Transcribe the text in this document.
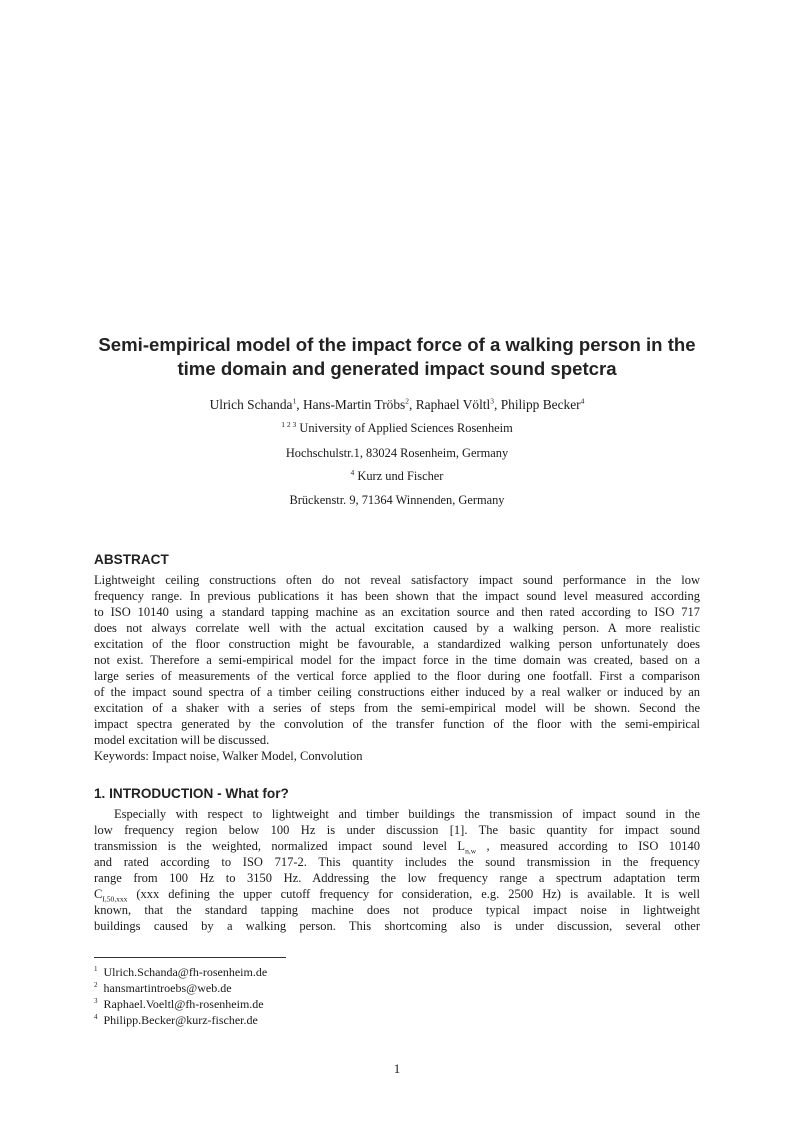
Semi-empirical model of the impact force of a walking person in the
time domain and generated impact sound spetcra
Ulrich Schanda$^1$, Hans-Martin Tröbs$^2$, Raphael Völtl$^3$, Philipp Becker$^4$
$^{1 2 3}$ University of Applied Sciences Rosenheim
Hochschulstr.1, 83024 Rosenheim, Germany
$^4$ Kurz und Fischer
Brückenstr. 9, 71364 Winnenden, Germany
ABSTRACT
Lightweight ceiling constructions often do not reveal satisfactory impact sound performance in the low
frequency range. In previous publications it has been shown that the impact sound level measured according
to ISO 10140 using a standard tapping machine as an excitation source and then rated according to ISO 717
does not always correlate well with the actual excitation caused by a walking person. A more realistic
excitation of the floor construction might be favourable, a standardized walking person unfortunately does
not exist. Therefore a semi-empirical model for the impact force in the time domain was created, based on a
large series of measurements of the vertical force applied to the floor during one footfall. First a comparison
of the impact sound spectra of a timber ceiling constructions either induced by a real walker or induced by an
excitation of a shaker with a series of steps from the semi-empirical model will be shown. Second the
impact spectra generated by the convolution of the transfer function of the floor with the semi-empirical
model excitation will be discussed.
Keywords: Impact noise, Walker Model, Convolution
1. INTRODUCTION - What for?
Especially with respect to lightweight and timber buildings the transmission of impact sound in the
low frequency region below 100 Hz is under discussion [1]. The basic quantity for impact sound
transmission is the weighted, normalized impact sound level $L_{n,w}$ , measured according to ISO 10140
and rated according to ISO 717-2. This quantity includes the sound transmission in the frequency
range from 100 Hz to 3150 Hz. Addressing the low frequency range a spectrum adaptation term
$C_{I,50,xxx}$ (xxx defining the upper cutoff frequency for consideration, e.g. 2500 Hz) is available. It is well
known, that the standard tapping machine does not produce typical impact noise in lightweight
buildings caused by a walking person. This shortcoming also is under discussion, several other
$^1$ Ulrich.Schanda@fh-rosenheim.de
$^2$ hansmartintroebs@web.de
$^3$ Raphael.Voeltl@fh-rosenheim.de
$^4$ Philipp.Becker@kurz-fischer.de
1
